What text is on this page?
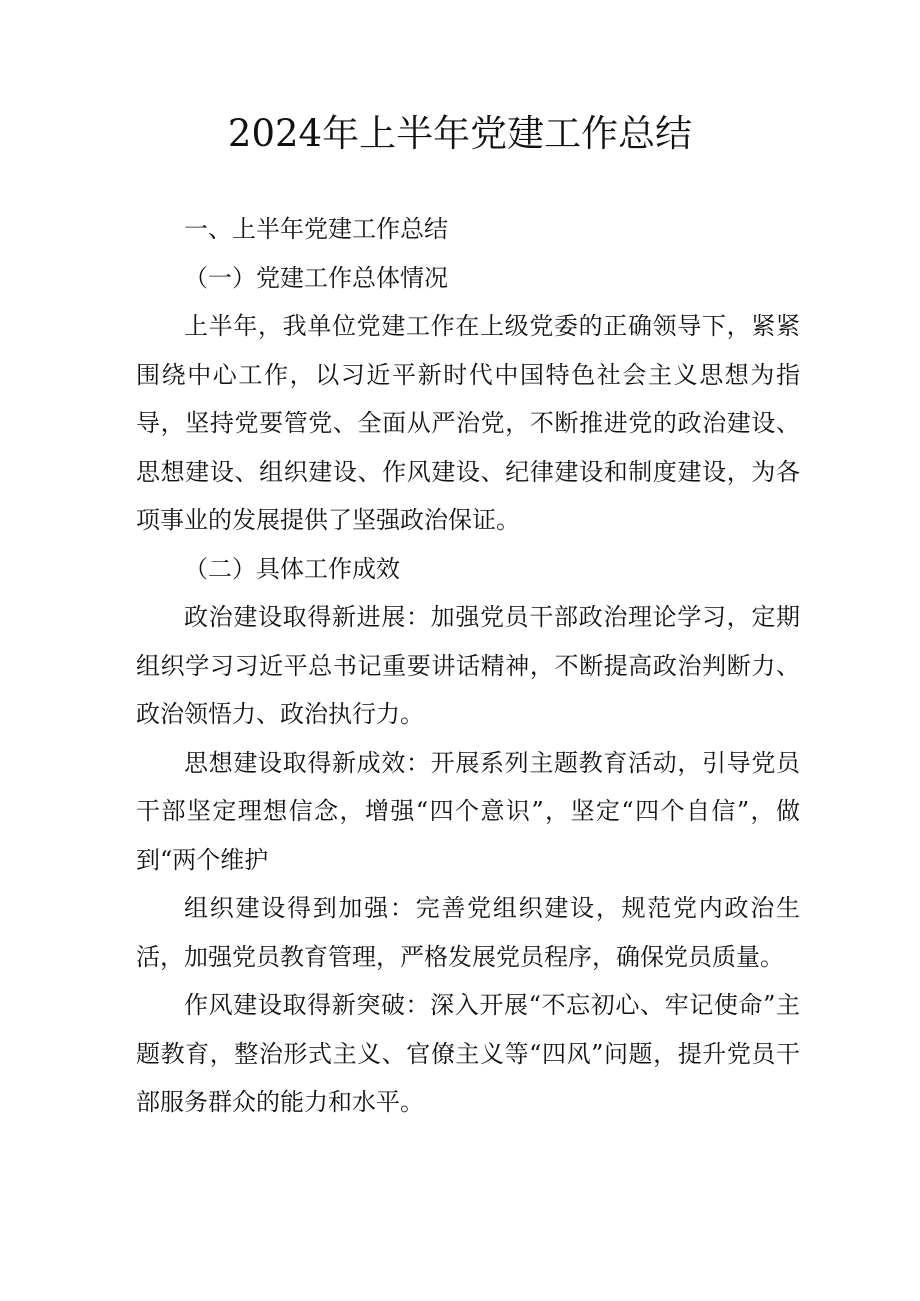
2024年上半年党建工作总结

一、上半年党建工作总结

（一）党建工作总体情况

上半年，我单位党建工作在上级党委的正确领导下，紧紧围绕中心工作，以习近平新时代中国特色社会主义思想为指导，坚持党要管党、全面从严治党，不断推进党的政治建设、思想建设、组织建设、作风建设、纪律建设和制度建设，为各项事业的发展提供了坚强政治保证。

（二）具体工作成效

政治建设取得新进展：加强党员干部政治理论学习，定期组织学习习近平总书记重要讲话精神，不断提高政治判断力、政治领悟力、政治执行力。

思想建设取得新成效：开展系列主题教育活动，引导党员干部坚定理想信念，增强“四个意识”，坚定“四个自信”，做到“两个维护

组织建设得到加强：完善党组织建设，规范党内政治生活，加强党员教育管理，严格发展党员程序，确保党员质量。

作风建设取得新突破：深入开展“不忘初心、牢记使命”主题教育，整治形式主义、官僚主义等“四风”问题，提升党员干部服务群众的能力和水平。
